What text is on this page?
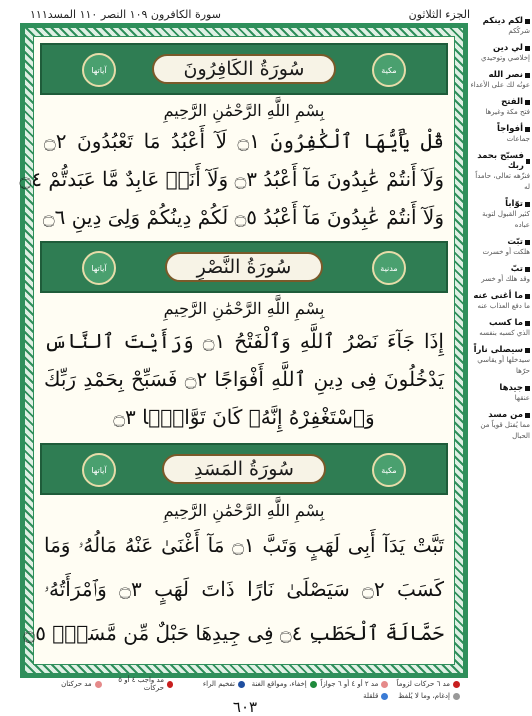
الجزء الثلاثون
سورة الكافرون ١٠٩ النصر ١١٠ المسد١١١
آياتها	سُورَةُ الكَافِرُونَ	مكية
بِسْمِ اللَّهِ الرَّحْمَٰنِ الرَّحِيمِ
قُلْ يَٰأَيُّهَا ٱلْكَٰفِرُونَ ۝١ لَآ أَعْبُدُ مَا تَعْبُدُونَ ۝٢
وَلَآ أَنتُمْ عَٰبِدُونَ مَآ أَعْبُدُ ۝٣ وَلَآ أَنَا۠ عَابِدٌ مَّا عَبَدتُّمْ ۝٤
وَلَآ أَنتُمْ عَٰبِدُونَ مَآ أَعْبُدُ ۝٥ لَكُمْ دِينُكُمْ وَلِىَ دِينِ ۝٦
آياتها	سُورَةُ النَّصْرِ	مدنية
بِسْمِ اللَّهِ الرَّحْمَٰنِ الرَّحِيمِ
إِذَا جَآءَ نَصْرُ ٱللَّهِ وَٱلْفَتْحُ ۝١ وَرَأَيْتَ ٱلنَّاسَ
يَدْخُلُونَ فِى دِينِ ٱللَّهِ أَفْوَاجًا ۝٢ فَسَبِّحْ بِحَمْدِ رَبِّكَ
وَٱسْتَغْفِرْهُ إِنَّهُۥ كَانَ تَوَّابًۢا ۝٣
آياتها	سُورَةُ المَسَدِ	مكية
بِسْمِ اللَّهِ الرَّحْمَٰنِ الرَّحِيمِ
تَبَّتْ يَدَآ أَبِى لَهَبٍ وَتَبَّ ۝١ مَآ أَغْنَىٰ عَنْهُ مَالُهُۥ وَمَا
كَسَبَ ۝٢ سَيَصْلَىٰ نَارًا ذَاتَ لَهَبٍ ۝٣ وَٱمْرَأَتُهُۥ
حَمَّالَةَ ٱلْحَطَبِ ۝٤ فِى جِيدِهَا حَبْلٌ مِّن مَّسَدٍۭ ۝٥
مد ٦ حركات لزوماً
مد ٢ أو ٤ أو ٦ جوازاً
إخفاء، ومواقع الغنة
تفخيم الراء
مد واجب ٤ أو ٥ حركات
مد حركتان
إدغام، وما لا يُلفظ
قلقلة
٦٠٣
لكم دينكم
شركُكم
لي دين
إخلاصي وتوحيدي
نصر الله
عونُه لك على الأعداء
الفتح
فتح مكة وغيرها
أفواجاً
جماعات
فسبّح بحمد ربك
فنزّهه تعالى، حامداً له
توّاباً
كثير القبول لتوبة عباده
تبّت
هلكت أو خسرت
تبّ
وقد هلك أو خسر
ما أغنى عنه
ما دفع العذاب عنه
ما كسب
الذي كسبه بنفسه
سيصلى ناراً
سيدخلها أو يقاسي حرّها
جيدها
عنقها
من مسد
مما يُفتل قوياً من الحبال
